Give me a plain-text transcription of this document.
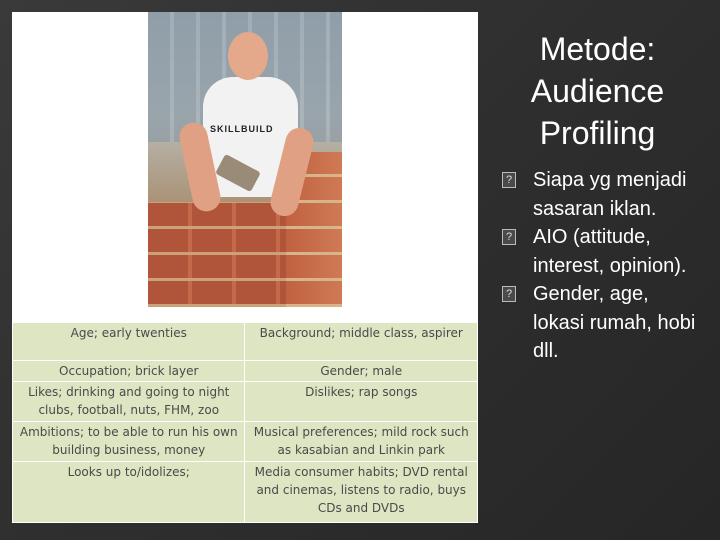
SKILLBUILD
Age; early twenties	Background; middle class, aspirer
Occupation; brick layer	Gender; male
Likes; drinking and going to night clubs, football, nuts, FHM, zoo	Dislikes; rap songs
Ambitions; to be able to run his own building business, money	Musical preferences; mild rock such as kasabian and Linkin park
Looks up to/idolizes;	Media consumer habits; DVD rental and cinemas, listens to radio, buys CDs and DVDs
Metode:
Audience
Profiling
? Siapa yg menjadi sasaran iklan.
? AIO (attitude, interest, opinion).
? Gender, age, lokasi rumah, hobi dll.
